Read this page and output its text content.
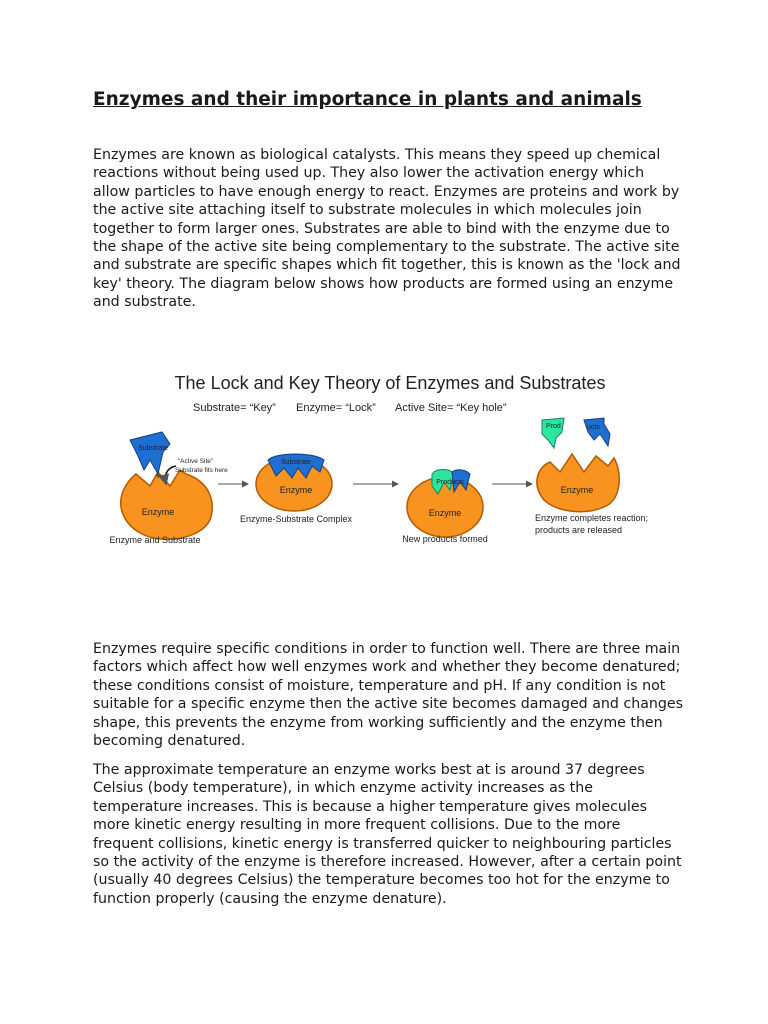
Enzymes and their importance in plants and animals

Enzymes are known as biological catalysts. This means they speed up chemical reactions without being used up. They also lower the activation energy which allow particles to have enough energy to react. Enzymes are proteins and work by the active site attaching itself to substrate molecules in which molecules join together to form larger ones. Substrates are able to bind with the enzyme due to the shape of the active site being complementary to the substrate. The active site and substrate are specific shapes which fit together, this is known as the 'lock and key' theory. The diagram below shows how products are formed using an enzyme and substrate.

The Lock and Key Theory of Enzymes and Substrates
Substrate= “Key” Enzyme= “Lock” Active Site= “Key hole”
Substrate
“Active Site”
Substrate fits here
+
Enzyme
Enzyme and Substrate
Substrate
Enzyme
Enzyme-Substrate Complex
Products
Enzyme
New products formed
Prod	ucts
Enzyme
Enzyme completes reaction;
products are released

Enzymes require specific conditions in order to function well. There are three main factors which affect how well enzymes work and whether they become denatured; these conditions consist of moisture, temperature and pH. If any condition is not suitable for a specific enzyme then the active site becomes damaged and changes shape, this prevents the enzyme from working sufficiently and the enzyme then becoming denatured.

The approximate temperature an enzyme works best at is around 37 degrees Celsius (body temperature), in which enzyme activity increases as the temperature increases. This is because a higher temperature gives molecules more kinetic energy resulting in more frequent collisions. Due to the more frequent collisions, kinetic energy is transferred quicker to neighbouring particles so the activity of the enzyme is therefore increased. However, after a certain point (usually 40 degrees Celsius) the temperature becomes too hot for the enzyme to function properly (causing the enzyme denature).
